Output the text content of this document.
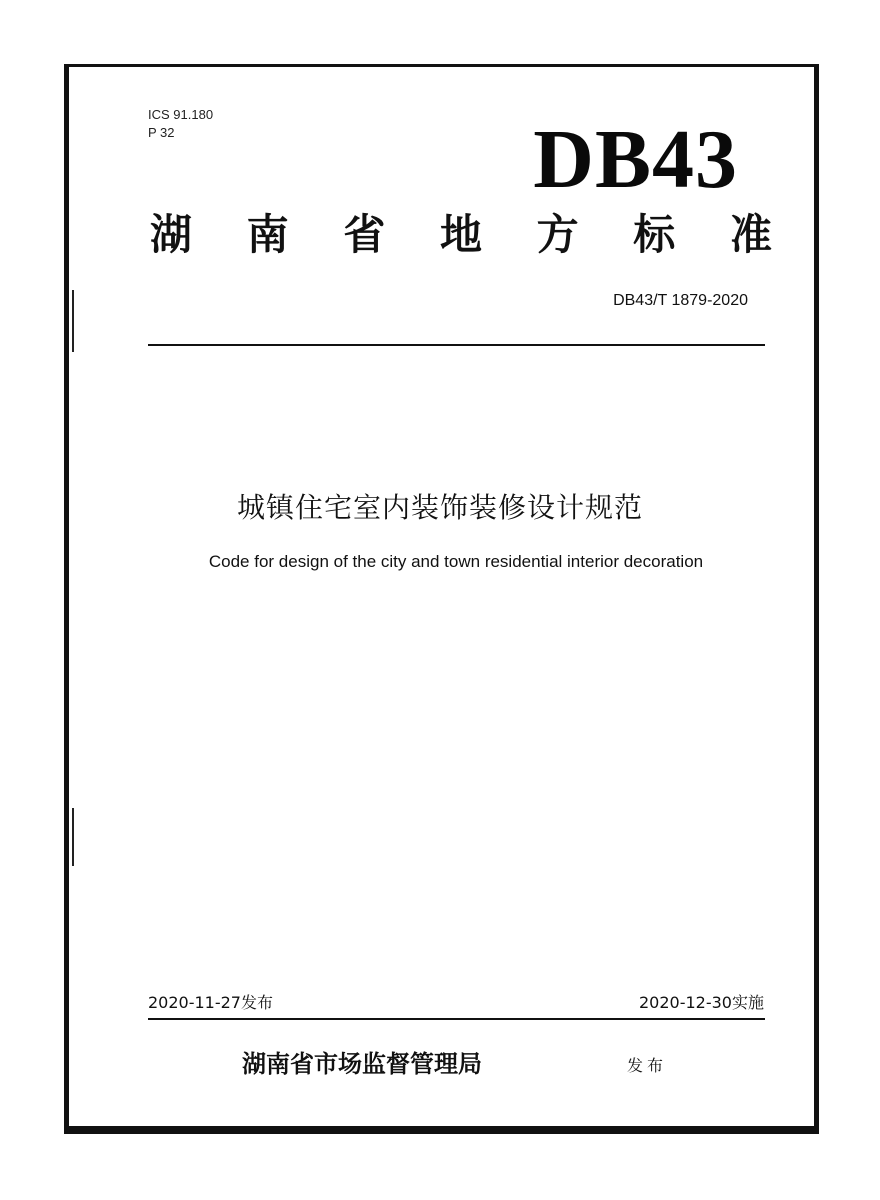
ICS 91.180
P 32	DB43
湖 南 省 地 方 标 准
DB43/T 1879-2020
城镇住宅室内装饰装修设计规范
Code for design of the city and town residential interior decoration
2020-11-27发布	2020-12-30实施
湖南省市场监督管理局	发布
